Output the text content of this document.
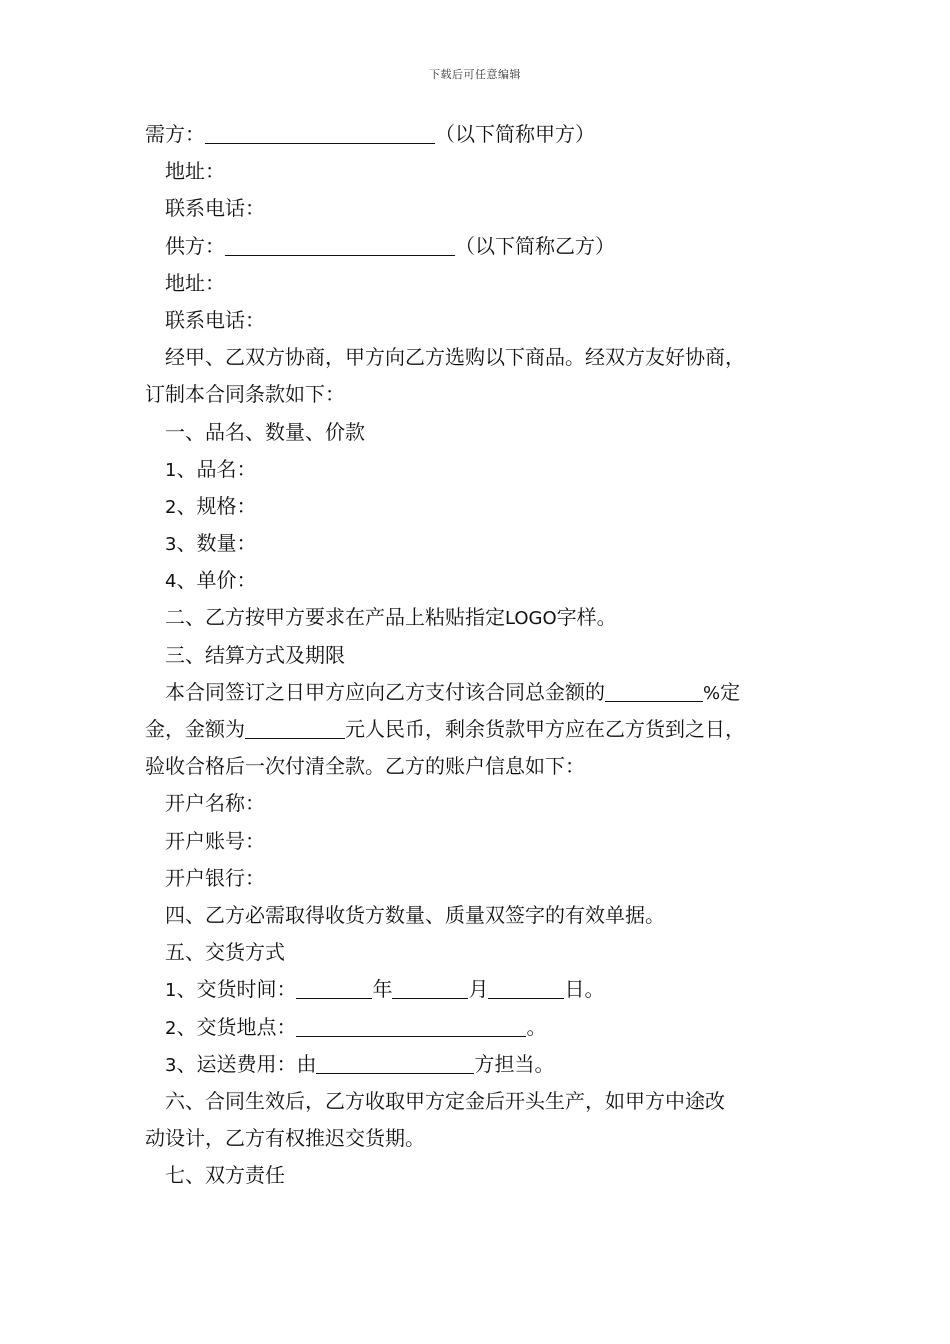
下载后可任意编辑
需方：	（以下简称甲方）
地址：
联系电话：
供方：	（以下简称乙方）
地址：
联系电话：
经甲、乙双方协商，甲方向乙方选购以下商品。经双方友好协商，
订制本合同条款如下：
一、品名、数量、价款
1、品名：
2、规格：
3、数量：
4、单价：
二、乙方按甲方要求在产品上粘贴指定LOGO字样。
三、结算方式及期限
本合同签订之日甲方应向乙方支付该合同总金额的	%定
金，金额为	元人民币，剩余货款甲方应在乙方货到之日，
验收合格后一次付清全款。乙方的账户信息如下：
开户名称：
开户账号：
开户银行：
四、乙方必需取得收货方数量、质量双签字的有效单据。
五、交货方式
1、交货时间：	年	月	日。
2、交货地点：	。
3、运送费用：由	方担当。
六、合同生效后，乙方收取甲方定金后开头生产，如甲方中途改
动设计，乙方有权推迟交货期。
七、双方责任
